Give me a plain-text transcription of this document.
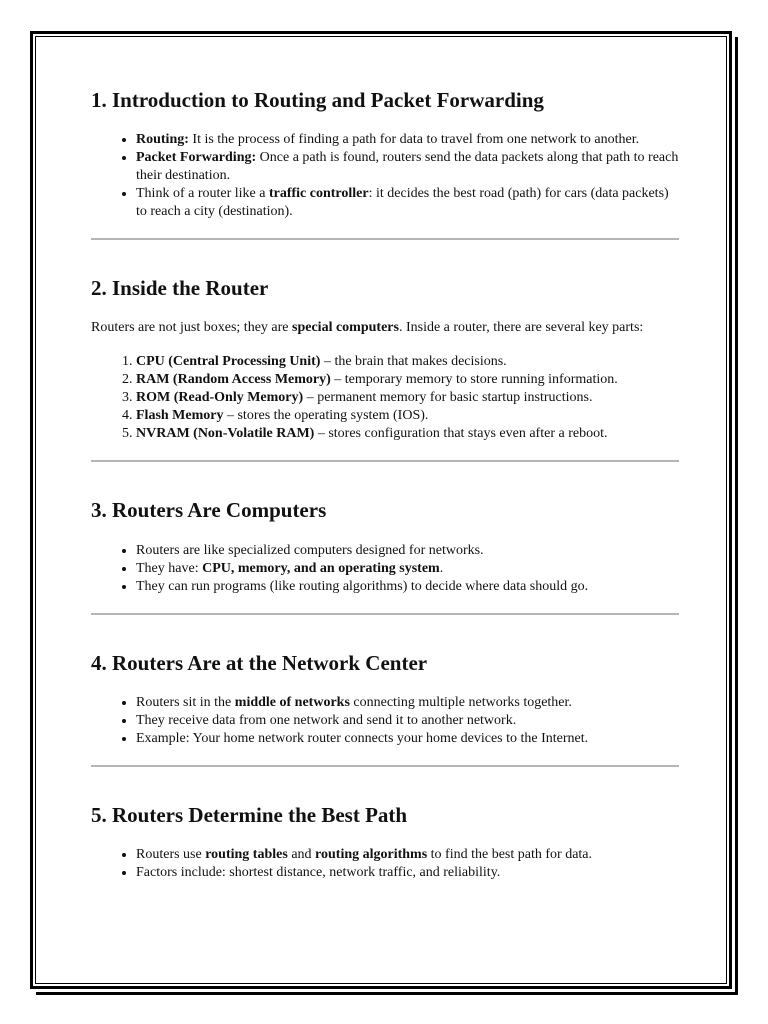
1. Introduction to Routing and Packet Forwarding
• Routing: It is the process of finding a path for data to travel from one network to another.
• Packet Forwarding: Once a path is found, routers send the data packets along that path to reach their destination.
• Think of a router like a traffic controller: it decides the best road (path) for cars (data packets) to reach a city (destination).
2. Inside the Router

Routers are not just boxes; they are special computers. Inside a router, there are several key parts:

1. CPU (Central Processing Unit) – the brain that makes decisions.
2. RAM (Random Access Memory) – temporary memory to store running information.
3. ROM (Read-Only Memory) – permanent memory for basic startup instructions.
4. Flash Memory – stores the operating system (IOS).
5. NVRAM (Non-Volatile RAM) – stores configuration that stays even after a reboot.
3. Routers Are Computers
• Routers are like specialized computers designed for networks.
• They have: CPU, memory, and an operating system.
• They can run programs (like routing algorithms) to decide where data should go.
4. Routers Are at the Network Center
• Routers sit in the middle of networks connecting multiple networks together.
• They receive data from one network and send it to another network.
• Example: Your home network router connects your home devices to the Internet.
5. Routers Determine the Best Path
• Routers use routing tables and routing algorithms to find the best path for data.
• Factors include: shortest distance, network traffic, and reliability.
